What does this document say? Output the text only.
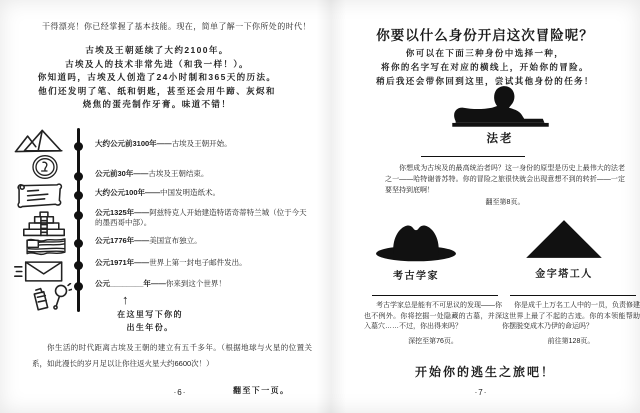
干得漂亮！你已经掌握了基本技能。现在，简单了解一下你所处的时代！

古埃及王朝延续了大约2100年。
古埃及人的技术非常先进（和我一样！）。
你知道吗，古埃及人创造了24小时制和365天的历法。
他们还发明了笔、纸和钥匙，甚至还会用牛蹄、灰烬和
烧焦的蛋壳制作牙膏。味道不错！
大约公元前3100年——古埃及王朝开始。
公元前30年——古埃及王朝结束。
大约公元100年——中国发明造纸术。
公元1325年——阿兹特克人开始建造特诺奇蒂特兰城（位于今天的墨西哥中部）。
公元1776年——美国宣布独立。
公元1971年——世界上第一封电子邮件发出。
公元________年——你来到这个世界！
↑
在这里写下你的
出生年份。

你生活的时代距离古埃及王朝的建立有五千多年。（根据地球与火星的位置关系，如此漫长的岁月足以让你往返火星大约6600次！）

·6·	翻至下一页。
你要以什么身份开启这次冒险呢？
你可以在下面三种身份中选择一种，
将你的名字写在对应的横线上，开始你的冒险。
稍后我还会带你回到这里，尝试其他身份的任务！
法老

你想成为古埃及的最高统治者吗？这一身份的原型是历史上最伟大的法老之一——哈特谢普苏特。你的冒险之旅很快就会出现意想不到的转折——一定要坚持到底啊！

翻至第8页。
考古学家

考古学家总是能有不可思议的发现——你也不例外。你将挖掘一处隐藏的古墓，并深入墓穴……不过，你出得来吗？

深挖至第76页。
金字塔工人

你是成千上万名工人中的一员，负责修建这世界上最了不起的古迹。你的本领能帮助你摆脱变成木乃伊的命运吗？

前往第128页。
开始你的逃生之旅吧！
·7·
